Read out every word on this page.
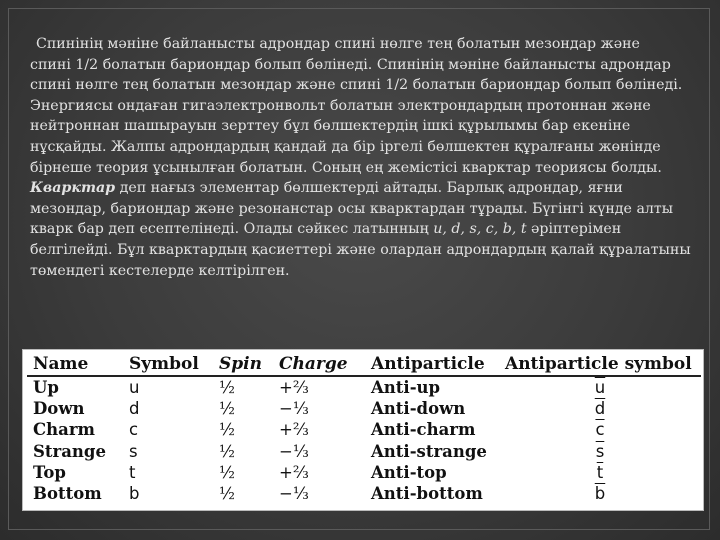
Спинінің мәніне байланысты адрондар спині нөлге тең болатын мезондар және
спині 1/2 болатын бариондар болып бөлінеді. Спинінің мәніне байланысты адрондар спині нөлге тең болатын мезондар және спині 1/2 болатын бариондар болып бөлінеді.

Энергиясы ондаған гигаэлектронвольт болатын электрондардың протоннан және нейтроннан шашырауын зерттеу бұл бөлшектердің ішкі құрылымы бар екеніне нұсқайды. Жалпы адрондардың қандай да бір іргелі бөлшектен құралғаны жөнінде бірнеше теория ұсынылған болатын. Соның ең жемістісі кварктар теориясы болды.

Кварктар деп нағыз элементар бөлшектерді айтады. Барлық адрондар, яғни мезондар, бариондар және резонанстар осы кварктардан тұрады. Бүгінгі күнде алты кварк бар деп есептелінеді. Олады сәйкес латынның u, d, s, c, b, t әріптерімен белгілейді. Бұл кварктардың қасиеттері және олардан адрондардың қалай құралатыны төмендегі кестелерде келтірілген.

Name	Symbol	Spin	Charge	Antiparticle	Antiparticle symbol
Up	u	½	+⅔	Anti-up	$\overline{u}$
Down	d	½	−⅓	Anti-down	$\overline{d}$
Charm	c	½	+⅔	Anti-charm	$\overline{c}$
Strange	s	½	−⅓	Anti-strange	$\overline{s}$
Top	t	½	+⅔	Anti-top	$\overline{t}$
Bottom	b	½	−⅓	Anti-bottom	$\overline{b}$
